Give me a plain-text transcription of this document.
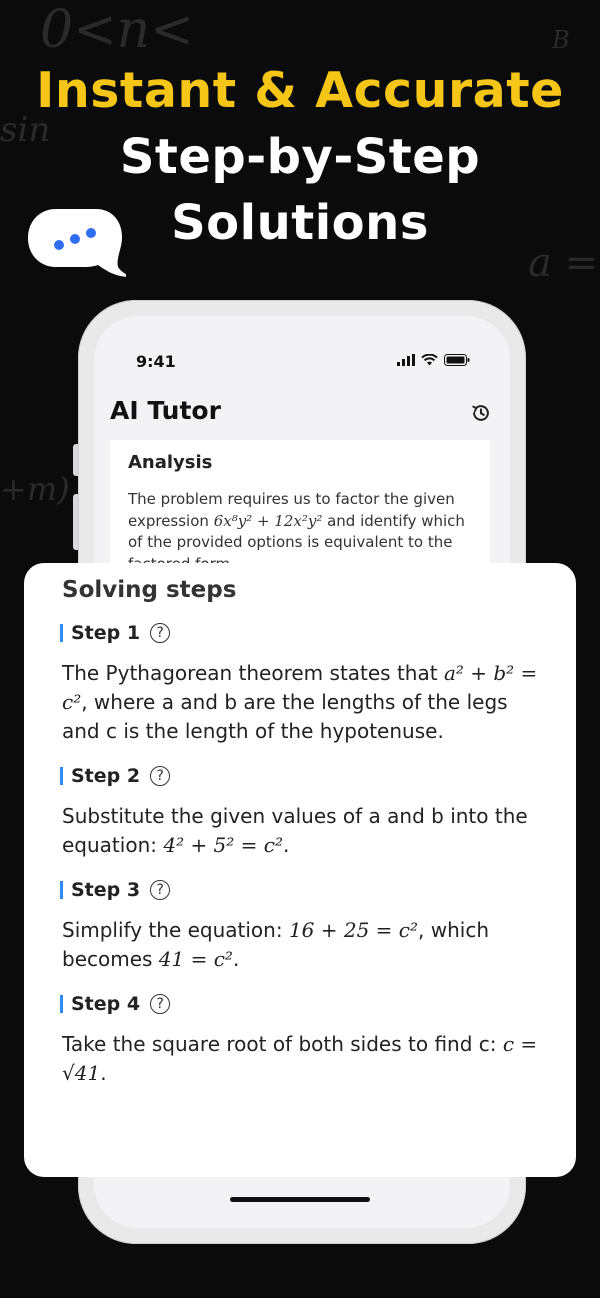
0<n<
sin
a =
+m)
B
Instant & Accurate
Step-by-Step
Solutions
9:41
AI Tutor
Analysis

The problem requires us to factor the given expression 6x⁸y² + 12x²y² and identify which of the provided options is equivalent to the

Solving steps
Step 1	?
The Pythagorean theorem states that a² + b² = c², where a and b are the lengths of the legs and c is the length of the hypotenuse.
Step 2	?
Substitute the given values of a and b into the equation: 4² + 5² = c².
Step 3	?
Simplify the equation: 16 + 25 = c², which becomes 41 = c².
Step 4	?
Take the square root of both sides to find c: c = √41.
